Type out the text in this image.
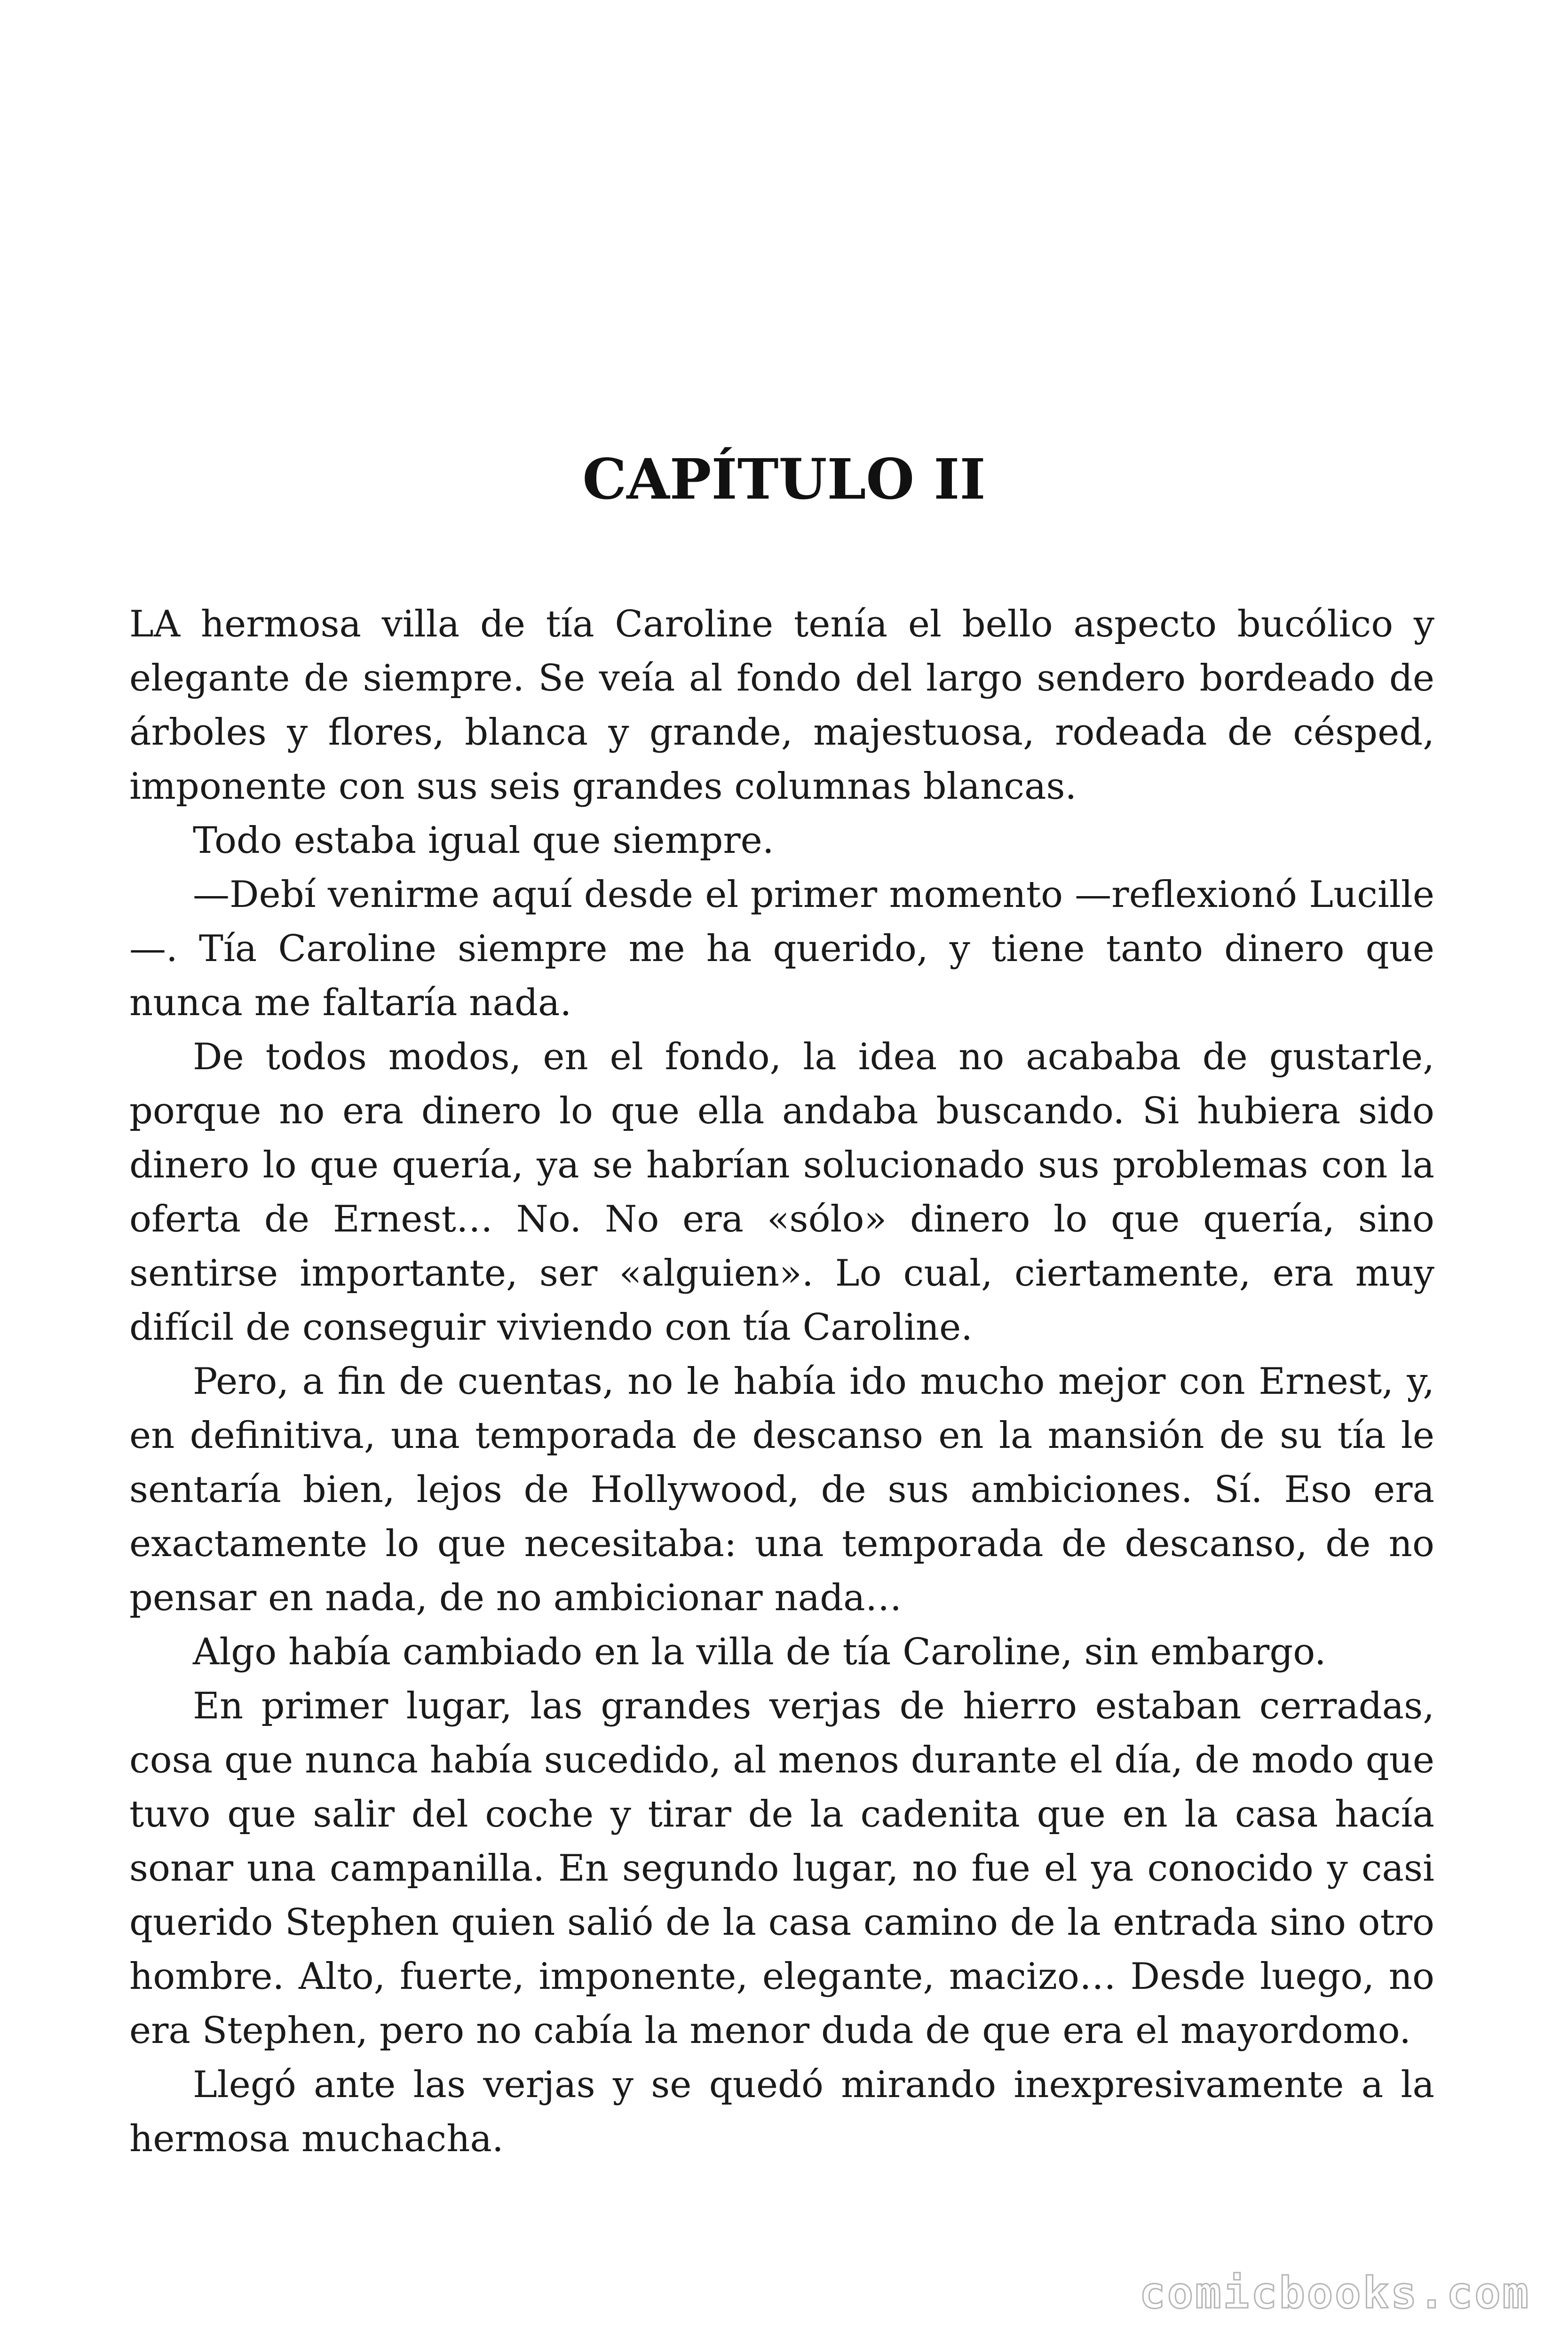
CAPÍTULO II

LA hermosa villa de tía Caroline tenía el bello aspecto bucólico y elegante de siempre. Se veía al fondo del largo sendero bordeado de árboles y flores, blanca y grande, majestuosa, rodeada de césped, imponente con sus seis grandes columnas blancas.

Todo estaba igual que siempre.

—Debí venirme aquí desde el primer momento —reflexionó Lucille—. Tía Caroline siempre me ha querido, y tiene tanto dinero que nunca me faltaría nada.

De todos modos, en el fondo, la idea no acababa de gustarle, porque no era dinero lo que ella andaba buscando. Si hubiera sido dinero lo que quería, ya se habrían solucionado sus problemas con la oferta de Ernest… No. No era «sólo» dinero lo que quería, sino sentirse importante, ser «alguien». Lo cual, ciertamente, era muy difícil de conseguir viviendo con tía Caroline.

Pero, a fin de cuentas, no le había ido mucho mejor con Ernest, y, en definitiva, una temporada de descanso en la mansión de su tía le sentaría bien, lejos de Hollywood, de sus ambiciones. Sí. Eso era exactamente lo que necesitaba: una temporada de descanso, de no pensar en nada, de no ambicionar nada…

Algo había cambiado en la villa de tía Caroline, sin embargo.

En primer lugar, las grandes verjas de hierro estaban cerradas, cosa que nunca había sucedido, al menos durante el día, de modo que tuvo que salir del coche y tirar de la cadenita que en la casa hacía sonar una campanilla. En segundo lugar, no fue el ya conocido y casi querido Stephen quien salió de la casa camino de la entrada sino otro hombre. Alto, fuerte, imponente, elegante, macizo… Desde luego, no era Stephen, pero no cabía la menor duda de que era el mayordomo.

Llegó ante las verjas y se quedó mirando inexpresivamente a la hermosa muchacha.

comicbooks.com
